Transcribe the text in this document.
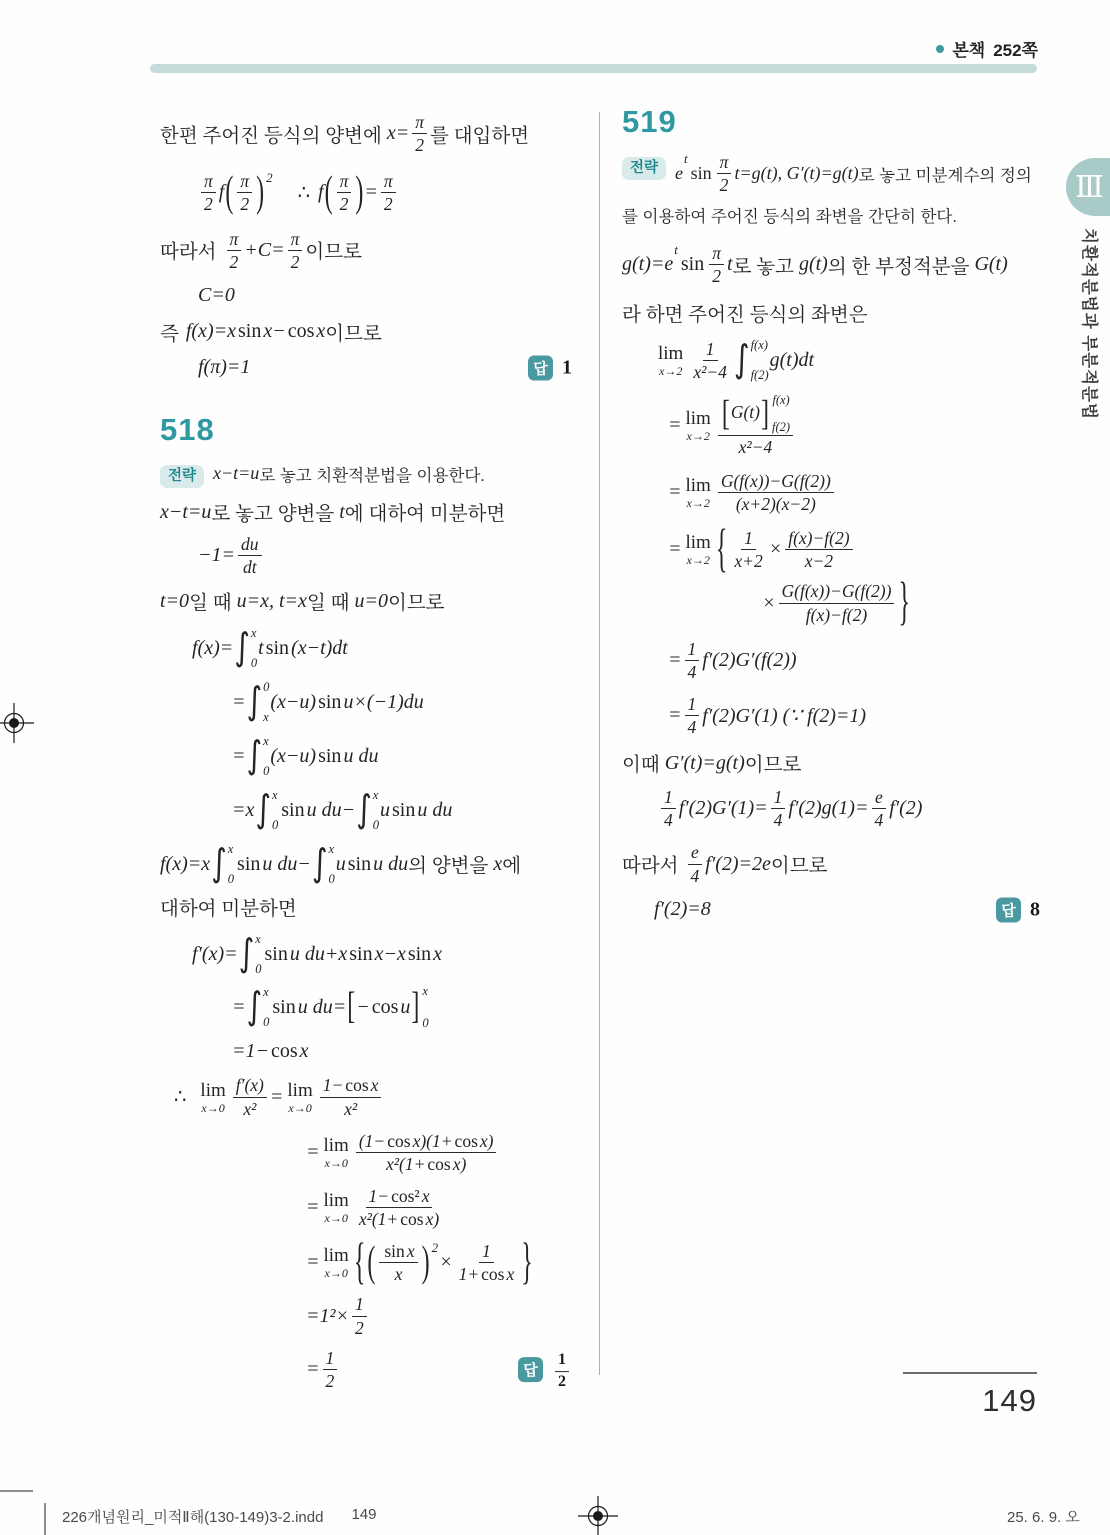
본책 252쪽
한편 주어진 등식의 양변에 $x= \frac{\pi}{2}$ 를 대입하면
$\frac{\pi}{2}$ f ( $\frac{\pi}{2}$ ) 2
∴ f ( $\frac{\pi}{2}$ ) = $\frac{\pi}{2}$
따라서 $\frac{\pi}{2} +C= \frac{\pi}{2}$ 이므로
C=0
즉 f(x)=x sin x− cos x 이므로
f(π)=1	답 1
518
전략 x−t=u 로 놓고 치환적분법을 이용한다.
x−t=u 로 놓고 양변을 t 에 대하여 미분하면
$-1= \frac{du}{dt}$
t=0 일 때 u=x, t=x 일 때 u=0 이므로
f(x)= ∫ x
0
t sin (x−t)dt
= ∫ 0
x
(x−u) sin u×(−1)du
= ∫ x
0
(x−u) sin u du
=x ∫ x
0
sin u du− ∫ x
0
u sin u du
f(x)=x ∫ x
0
sin u du− ∫ x
0
u sin u du 의 양변을 x 에
대하여 미분하면
f′(x)= ∫ x
0
sin u du+x sin x−x sin x
= ∫ x
0
sin u du= [ − cos u ] x
0
=1− cos x
∴ lim
$x\to 0 \frac{f'(x)}{\text{x²}} = \lim$
$x\to 0 \frac{\text{1− cos x}}{\text{x²}}$
= lim
$x\to 0 \frac{\text{(1− cos x)(1+ cos x)}}{\text{x²(1+ cos x)}}$
= lim
$x\to 0 \frac{\text{1− cos² x}}{\text{x²(1+ cos x)}}$
= lim
x→0 { ( $\frac{\text{sin x}}{x}$ ) 2
× $\frac{1}{\text{1+ cos x}}$ }
$=1^2\times \frac{1}{2}$
= $\frac{1}{2}$	답	$\frac{1}{2}$
519
전략 e
t
$\sin \frac{\pi}{2} t=g(t)$, G′(t)=g(t) 로 놓고 미분계수의 정의
를 이용하여 주어진 등식의 좌변을 간단히 한다.
g(t)=e
t
$\sin \frac{\pi}{2}$ t 로 놓고 g(t) 의 한 부정적분을 G(t)
라 하면 주어진 등식의 좌변은
lim
$x\to 2 \frac{1}{\text{x²−4}}$ ∫ f(x)
f(2)
g(t)dt
= lim
x→2 [G(t)] f(x)
f(2)
x²−4
= lim
$x\to 2 \frac{G(f(x))-G(f(2))}{(x+2)(x-2)}$
= lim
x→2 { $\frac{1}{x+2} \times \frac{f(x)-f(2)}{x-2}$
× $\frac{G(f(x))-G(f(2))}{f(x)-f(2)}$ }
= $\frac{1}{4} f'(2)G'(f(2))$
= $\frac{1}{4} f'(2)G'(1)$ (∵ f(2)=1)
이때 G′(t)=g(t) 이므로
$\frac{1}{4} f'(2)G'(1)= \frac{1}{4} f'(2)g(1)= \frac{e}{4} f'(2)$
따라서 $\frac{e}{4} f'(2)=2e$ 이므로
f′(2)=8	답 8
Ⅲ
치환적분법과 부분적분법
149
226개념원리_미적Ⅱ해(130-149)3-2.indd 149	25. 6. 9. 오
